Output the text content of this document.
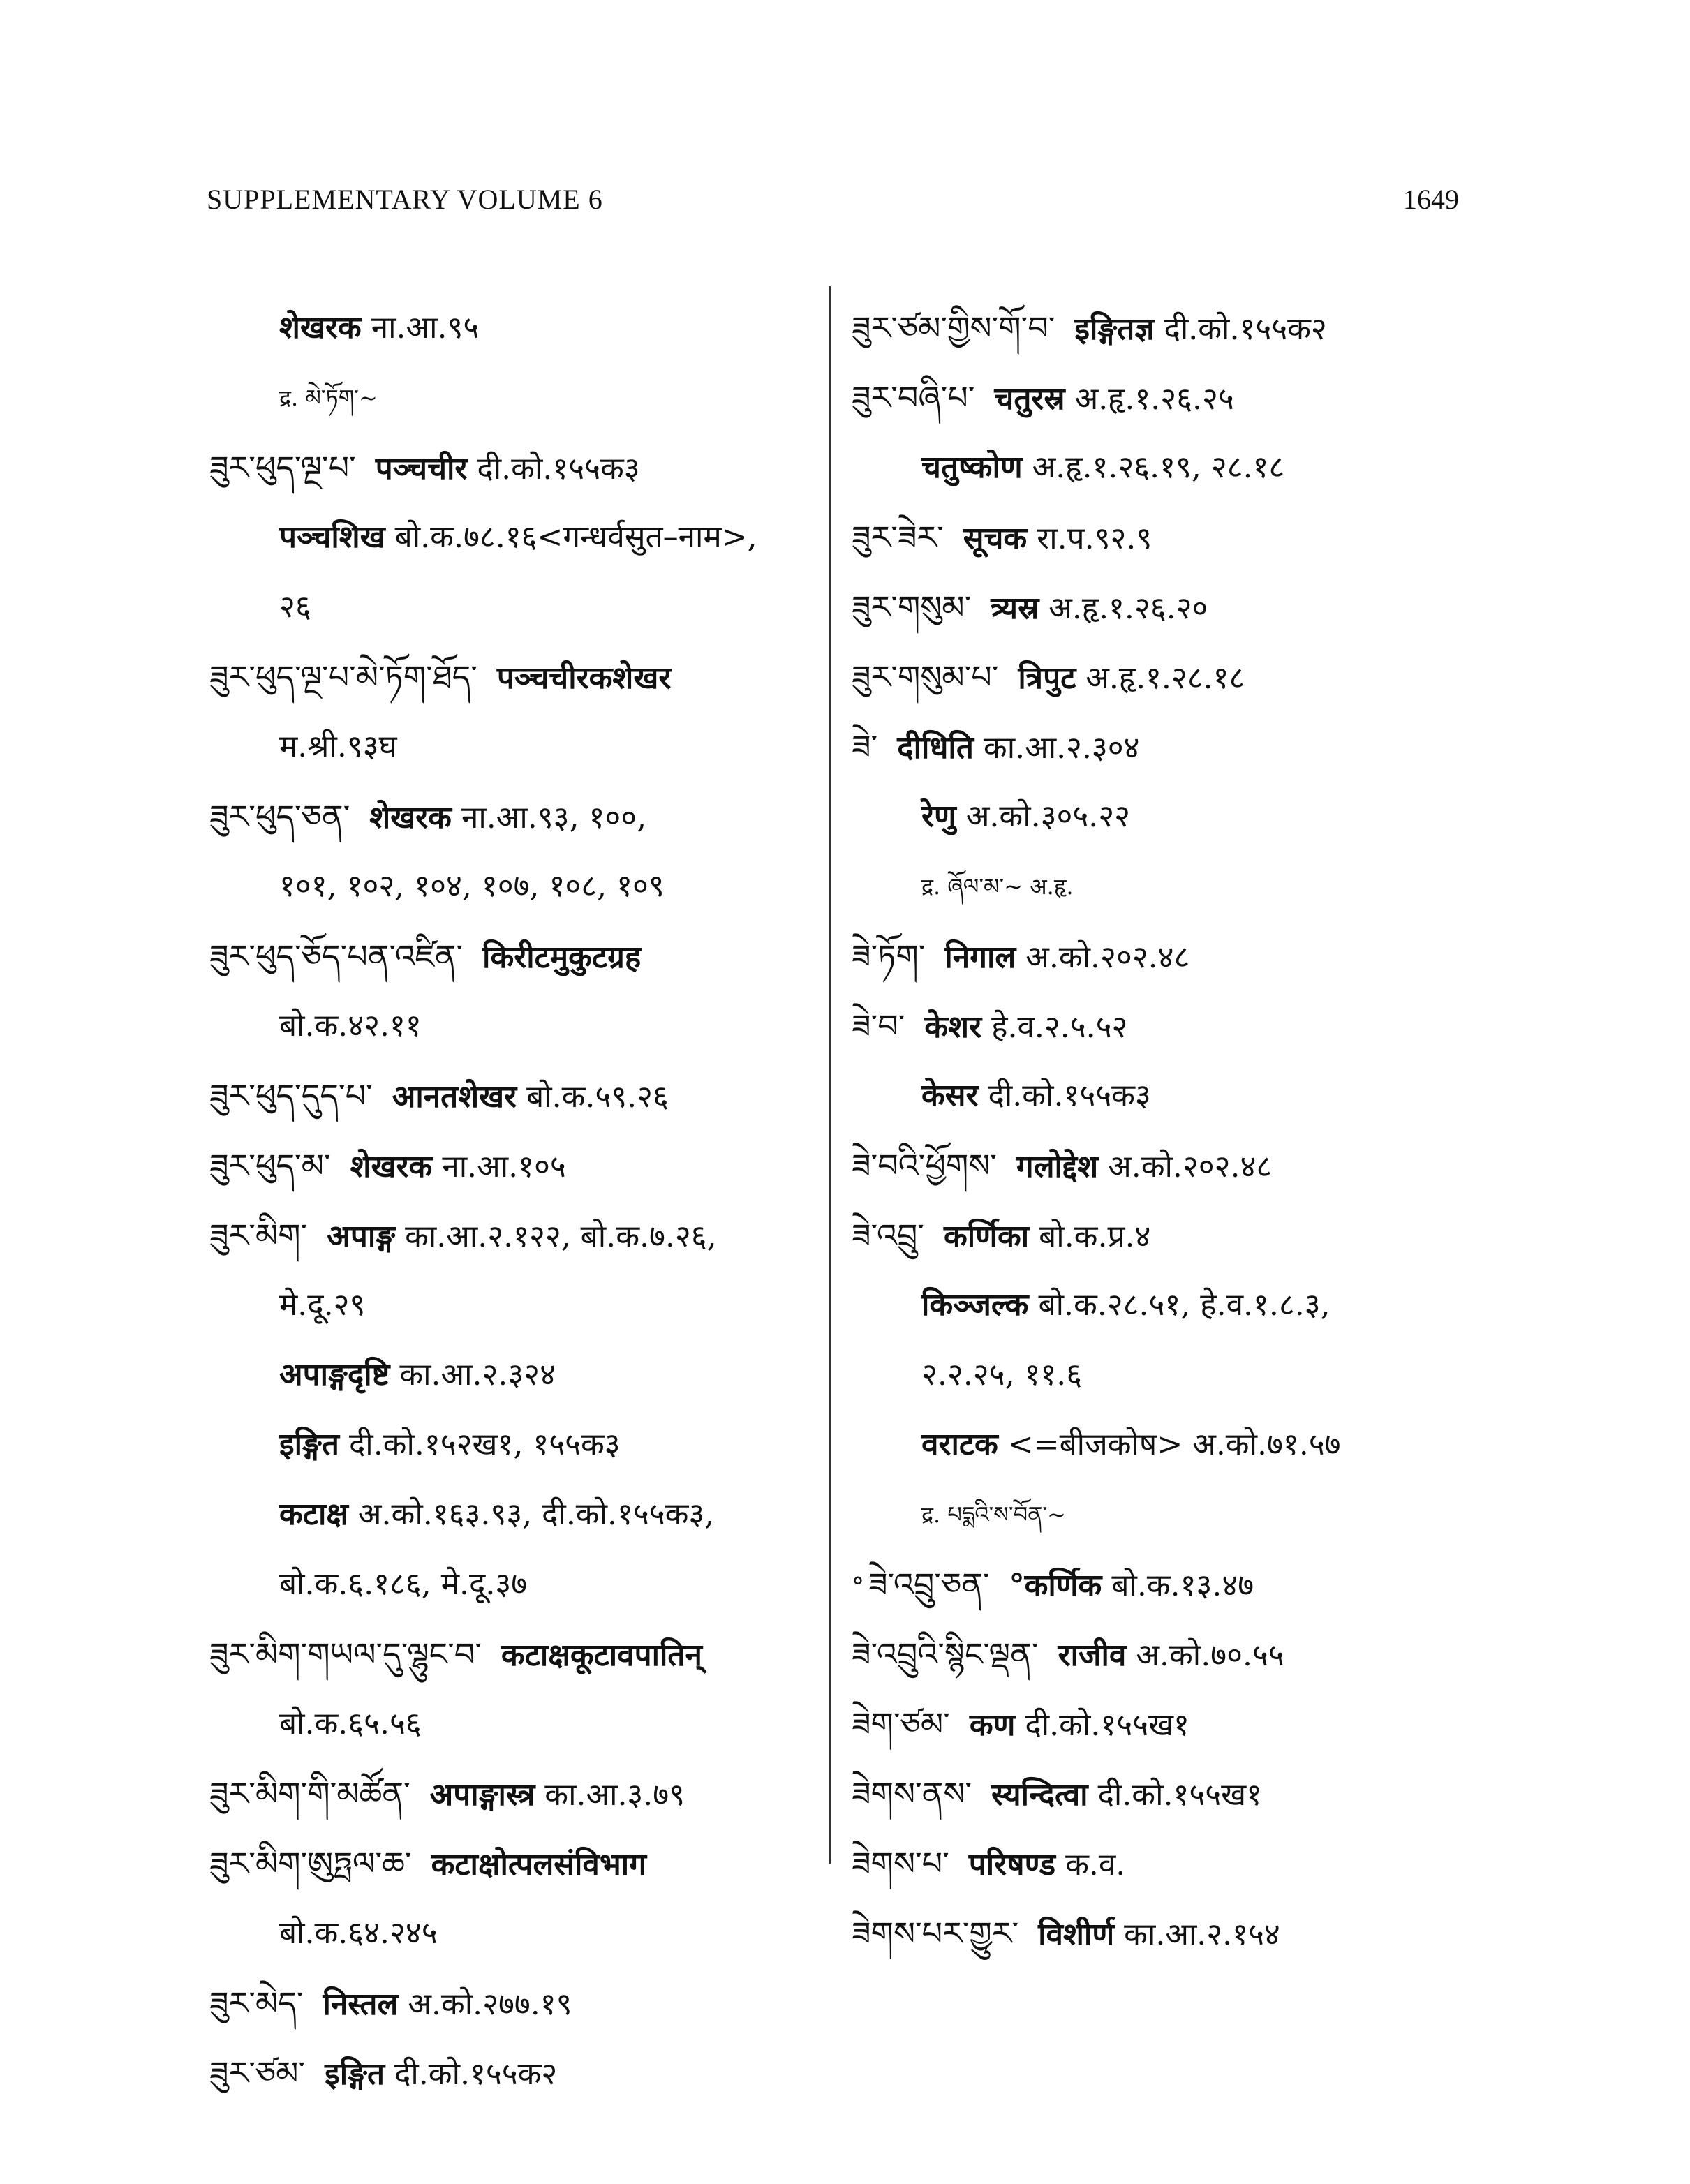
SUPPLEMENTARY VOLUME 6	1649
शेखरक ना.आ.९५
द्र. མེ་ཏོག་~
ཟུར་ཕུད་ལྔ་པ་ पञ्चचीर दी.को.१५५क३
पञ्चशिख बो.क.७८.१६<गन्धर्वसुत–नाम>,
२६
ཟུར་ཕུད་ལྔ་པ་མེ་ཏོག་ཐོད་ पञ्चचीरकशेखर
म.श्री.९३घ
ཟུར་ཕུད་ཅན་ शेखरक ना.आ.९३, १००,
१०१, १०२, १०४, १०७, १०८, १०९
ཟུར་ཕུད་ཅོད་པན་འཛིན་ किरीटमुकुटग्रह
बो.क.४२.११
ཟུར་ཕུད་དུད་པ་ आनतशेखर बो.क.५९.२६
ཟུར་ཕུད་མ་ शेखरक ना.आ.१०५
ཟུར་མིག་ अपाङ्ग का.आ.२.१२२, बो.क.७.२६,
मे.दू.२९
अपाङ्गदृष्टि का.आ.२.३२४
इङ्गित दी.को.१५२ख१, १५५क३
कटाक्ष अ.को.१६३.९३, दी.को.१५५क३,
बो.क.६.१८६, मे.दू.३७
ཟུར་མིག་གཡལ་དུ་ལྷུང་བ་ कटाक्षकूटावपातिन्
बो.क.६५.५६
ཟུར་མིག་གི་མཚོན་ अपाङ्गास्त्र का.आ.३.७९
ཟུར་མིག་ཨུཏྤལ་ཆ་ कटाक्षोत्पलसंविभाग
बो.क.६४.२४५
ཟུར་མེད་ निस्तल अ.को.२७७.१९
ཟུར་ཙམ་ इङ्गित दी.को.१५५क२
ཟུར་ཙམ་གྱིས་གོ་བ་ इङ्गितज्ञ दी.को.१५५क२
ཟུར་བཞི་པ་ चतुरस्र अ.हृ.१.२६.२५
चतुष्कोण अ.हृ.१.२६.१९, २८.१८
ཟུར་ཟེར་ सूचक रा.प.९२.९
ཟུར་གསུམ་ त्र्यस्र अ.हृ.१.२६.२०
ཟུར་གསུམ་པ་ त्रिपुट अ.हृ.१.२८.१८
ཟེ་ दीधिति का.आ.२.३०४
रेणु अ.को.३०५.२२
द्र. ཞོལ་མ་~ अ.हृ.
ཟེ་ཏོག་ निगाल अ.को.२०२.४८
ཟེ་བ་ केशर हे.व.२.५.५२
केसर दी.को.१५५क३
ཟེ་བའི་ཕྱོགས་ गलोद्देश अ.को.२०२.४८
ཟེ་འབྲུ་ कर्णिका बो.क.प्र.४
किञ्जल्क बो.क.२८.५१, हे.व.१.८.३,
२.२.२५, ११.६
वराटक <=बीजकोष> अ.को.७१.५७
द्र. པདྨའི་ས་བོན་~
° ཟེ་འབྲུ་ཅན་ °कर्णिक बो.क.१३.४७
ཟེ་འབྲུའི་སྙིང་ལྡན་ राजीव अ.को.७०.५५
ཟེག་ཙམ་ कण दी.को.१५५ख१
ཟེགས་ནས་ स्यन्दित्वा दी.को.१५५ख१
ཟེགས་པ་ परिषण्ड क.व.
ཟེགས་པར་གྱུར་ विशीर्ण का.आ.२.१५४
